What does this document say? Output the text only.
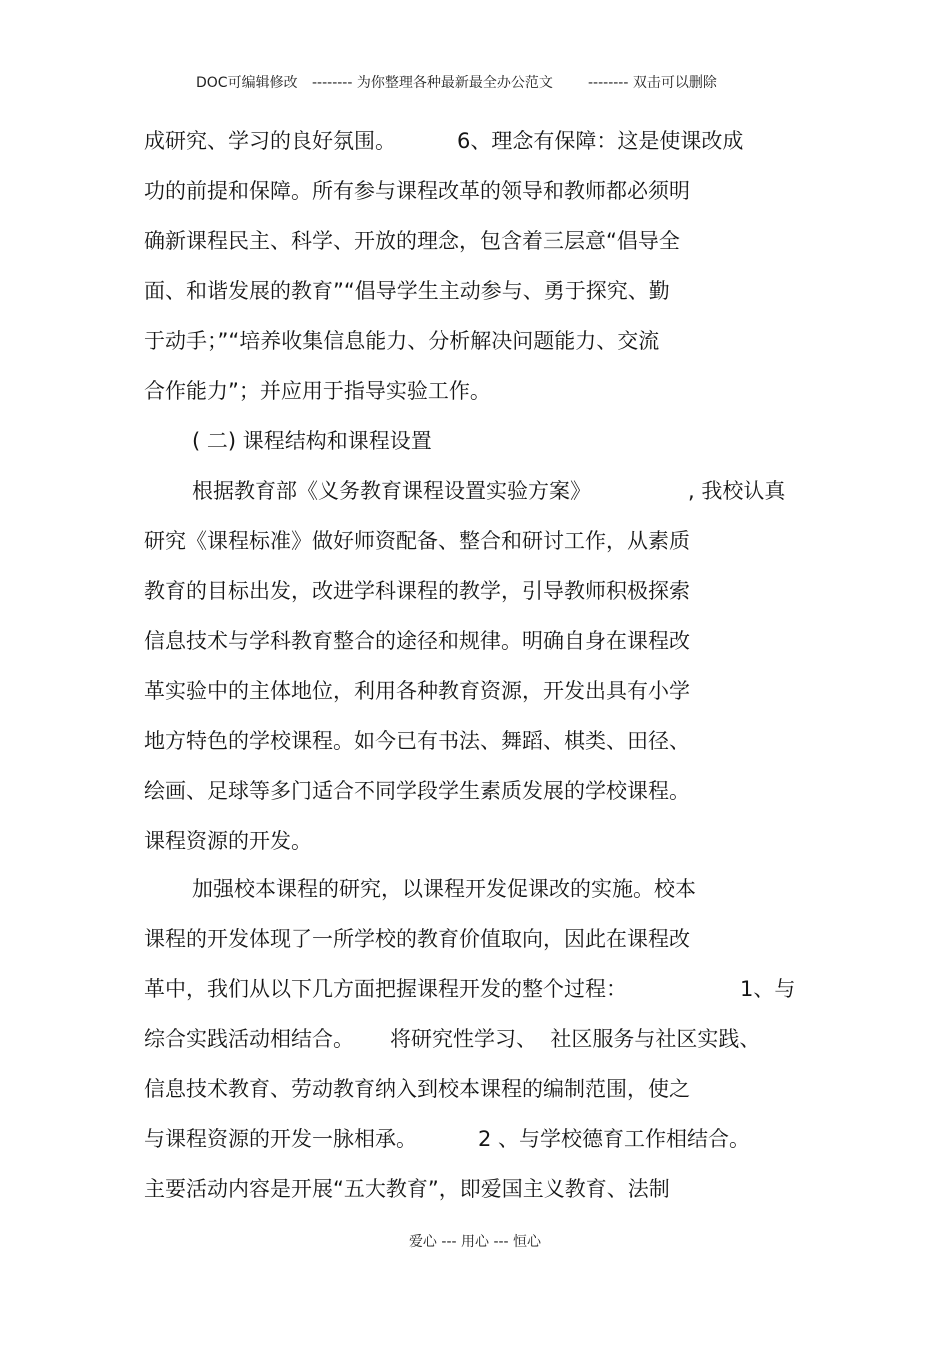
DOC可编辑修改

-------- 为你整理各种最新最全办公范文

	-------- 双击可以删除

成研究、学习的良好氛围。	6、理念有保障：这是使课改成
功的前提和保障。所有参与课程改革的领导和教师都必须明
确新课程民主、科学、开放的理念，包含着三层意“倡导全
面、和谐发展的教育”“倡导学生主动参与、勇于探究、勤
于动手；”“培养收集信息能力、分析解决问题能力、交流
合作能力”；并应用于指导实验工作。
( 二) 课程结构和课程设置
根据教育部《义务教育课程设置实验方案》	, 我校认真
研究《课程标准》做好师资配备、整合和研讨工作，从素质
教育的目标出发，改进学科课程的教学，引导教师积极探索
信息技术与学科教育整合的途径和规律。明确自身在课程改
革实验中的主体地位，利用各种教育资源，开发出具有小学
地方特色的学校课程。如今已有书法、舞蹈、棋类、田径、
绘画、足球等多门适合不同学段学生素质发展的学校课程。
课程资源的开发。
加强校本课程的研究，以课程开发促课改的实施。校本
课程的开发体现了一所学校的教育价值取向，因此在课程改
革中，我们从以下几方面把握课程开发的整个过程：	1、与
综合实践活动相结合。 将研究性学习、  社区服务与社区实践、
信息技术教育、劳动教育纳入到校本课程的编制范围，使之
与课程资源的开发一脉相承。	2 、与学校德育工作相结合。
主要活动内容是开展“五大教育”，即爱国主义教育、法制
爱心 --- 用心 --- 恒心
